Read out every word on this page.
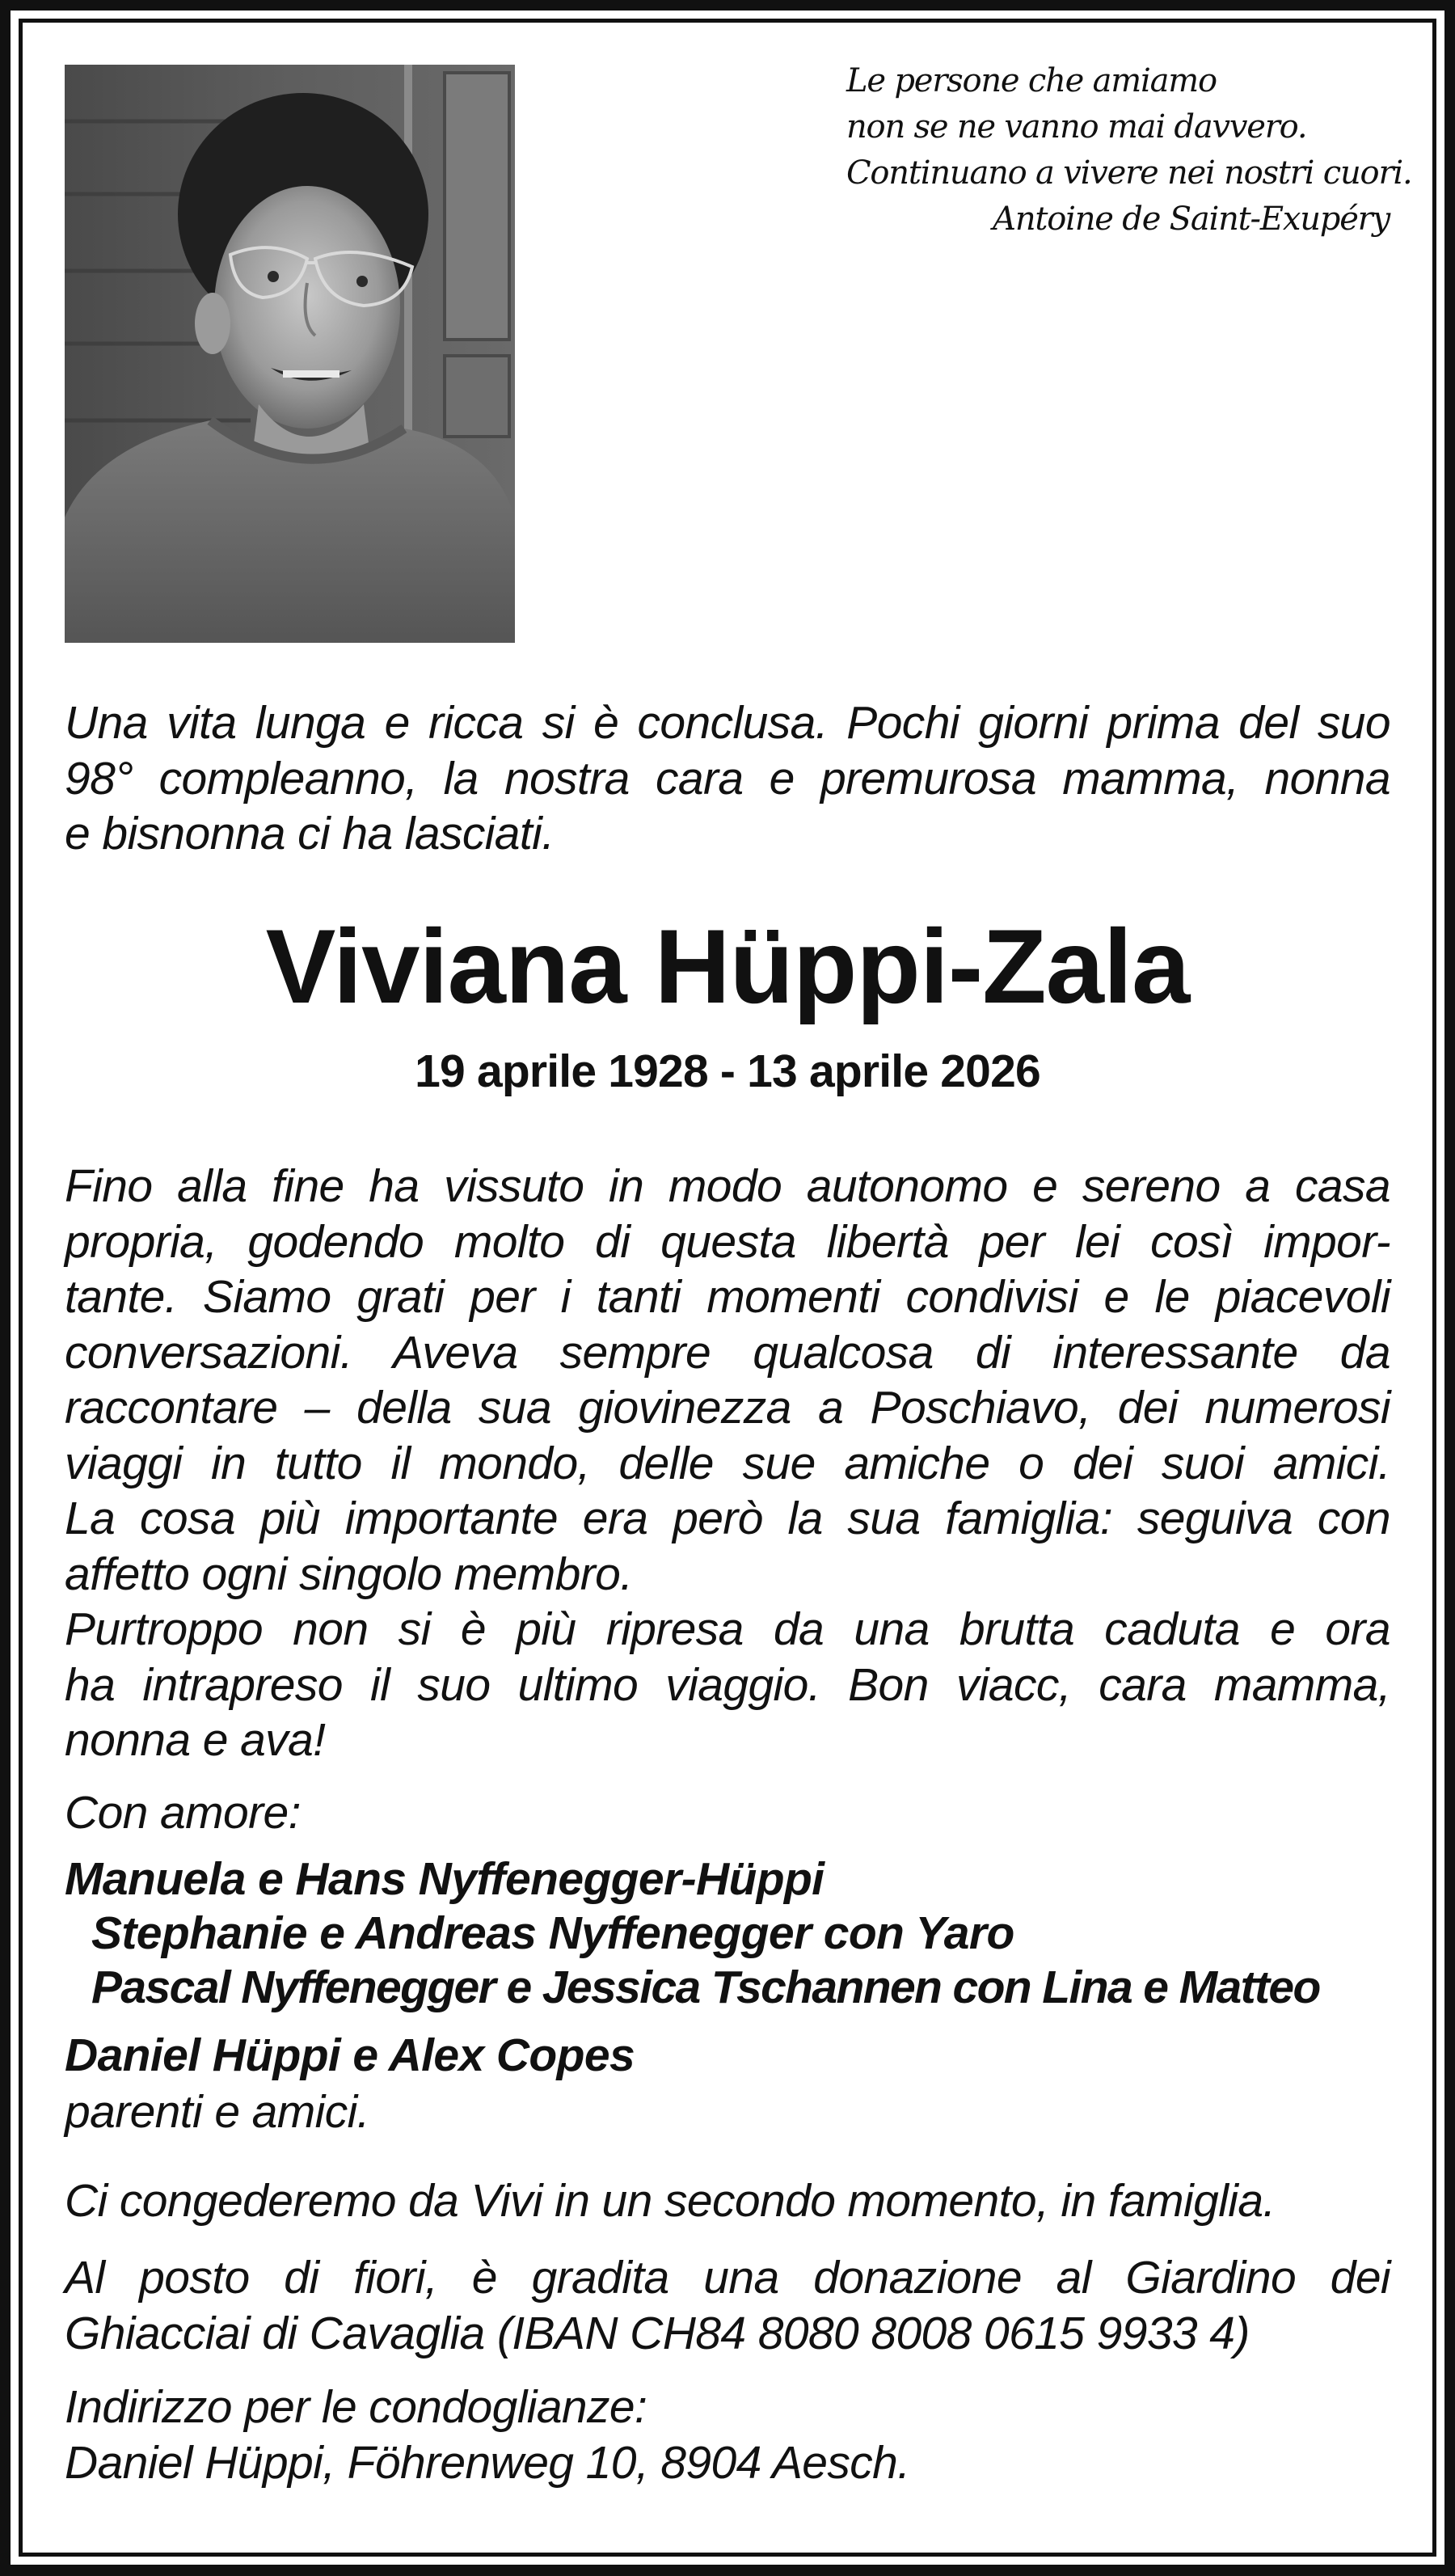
Le persone che amiamo
non se ne vanno mai davvero.
Continuano a vivere nei nostri cuori.
Antoine de Saint-Exupéry
Una vita lunga e ricca si è conclusa. Pochi giorni prima del suo
98° compleanno, la nostra cara e premurosa mamma, nonna
e bisnonna ci ha lasciati.
Viviana Hüppi-Zala
19 aprile 1928 - 13 aprile 2026
Fino alla fine ha vissuto in modo autonomo e sereno a casa
propria, godendo molto di questa libertà per lei così impor-
tante. Siamo grati per i tanti momenti condivisi e le piacevoli
conversazioni. Aveva sempre qualcosa di interessante da
raccontare – della sua giovinezza a Poschiavo, dei numerosi
viaggi in tutto il mondo, delle sue amiche o dei suoi amici.
La cosa più importante era però la sua famiglia: seguiva con
affetto ogni singolo membro.
Purtroppo non si è più ripresa da una brutta caduta e ora
ha intrapreso il suo ultimo viaggio. Bon viacc, cara mamma,
nonna e ava!
Con amore:
Manuela e Hans Nyffenegger-Hüppi
Stephanie e Andreas Nyffenegger con Yaro
Pascal Nyffenegger e Jessica Tschannen con Lina e Matteo
Daniel Hüppi e Alex Copes
parenti e amici.
Ci congederemo da Vivi in un secondo momento, in famiglia.
Al posto di fiori, è gradita una donazione al Giardino dei
Ghiacciai di Cavaglia (IBAN CH84 8080 8008 0615 9933 4)
Indirizzo per le condoglianze:
Daniel Hüppi, Föhrenweg 10, 8904 Aesch.
